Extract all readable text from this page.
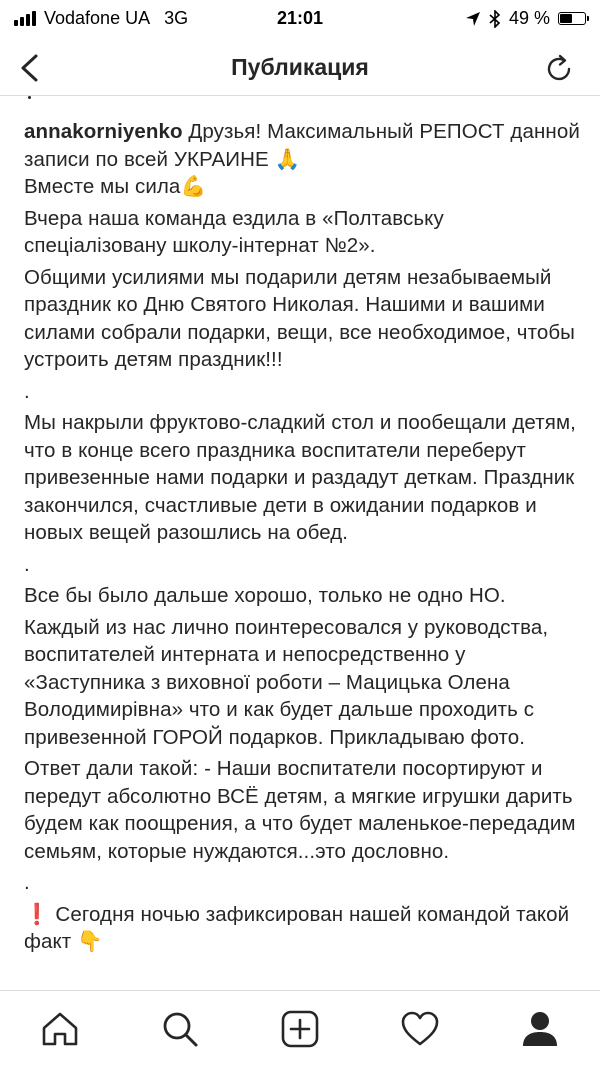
Vodafone UA 3G	21:01	49 %
Публикация

annakorniyenko Друзья! Максимальный РЕПОСТ данной записи по всей УКРАИНЕ 🙏

Вместе мы сила💪

Вчера наша команда ездила в «Полтавську спеціалізовану школу-інтернат №2».

Общими усилиями мы подарили детям незабываемый праздник ко Дню Святого Николая. Нашими и вашими силами собрали подарки, вещи, все необходимое, чтобы устроить детям праздник!!!

.

Мы накрыли фруктово-сладкий стол и пообещали детям, что в конце всего праздника воспитатели переберут привезенные нами подарки и раздадут деткам. Праздник закончился, счастливые дети в ожидании подарков и новых вещей разошлись на обед.

.

Все бы было дальше хорошо, только не одно НО.

Каждый из нас лично поинтересовался у руководства, воспитателей интерната и непосредственно у «Заступника з виховної роботи – Мацицька Олена Володимирівна» что и как будет дальше проходить с привезенной ГОРОЙ подарков. Прикладываю фото.

Ответ дали такой: - Наши воспитатели посортируют и передут абсолютно ВСЁ детям, а мягкие игрушки дарить будем как поощрения, а что будет маленькое-передадим семьям, которые нуждаются...это дословно.

.

❗ Сегодня ночью зафиксирован нашей командой такой факт 👇
